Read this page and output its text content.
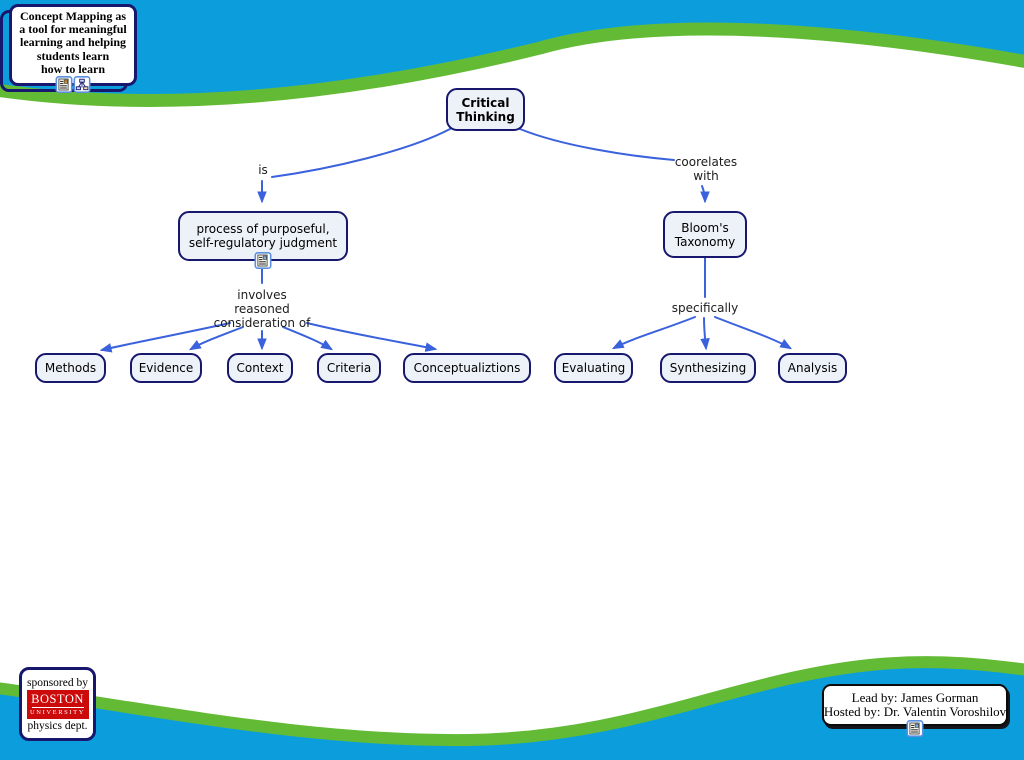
Concept Mapping as
a tool for meaningful
learning and helping
students learn
how to learn
Critical
Thinking
process of purposeful,
self-regulatory judgment
Bloom's
Taxonomy
Methods	Evidence	Context	Criteria	Conceptualiztions	Evaluating	Synthesizing	Analysis
is
coorelates
with
involves
reasoned
consideration of
specifically
sponsored by
BOSTON
UNIVERSITY
physics dept.
Lead by: James Gorman
Hosted by: Dr. Valentin Voroshilov
